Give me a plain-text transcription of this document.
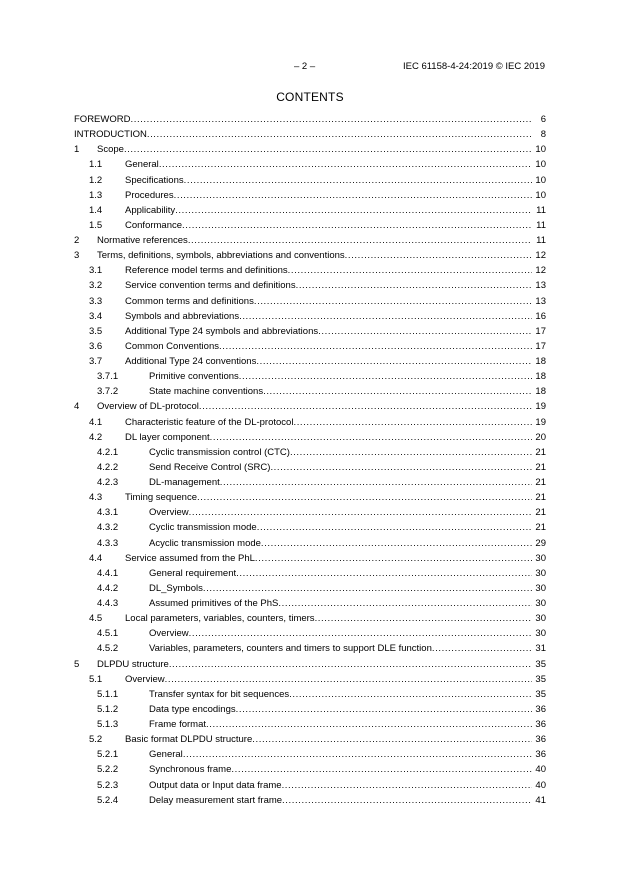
– 2 –	IEC 61158-4-24:2019 © IEC 2019
CONTENTS
FOREWORD .....	6
INTRODUCTION .....	8
1 Scope .....	10
1.1 General .....	10
1.2 Specifications .....	10
1.3 Procedures .....	10
1.4 Applicability .....	11
1.5 Conformance .....	11
2 Normative references .....	11
3 Terms, definitions, symbols, abbreviations and conventions .....	12
3.1 Reference model terms and definitions .....	12
3.2 Service convention terms and definitions .....	13
3.3 Common terms and definitions .....	13
3.4 Symbols and abbreviations .....	16
3.5 Additional Type 24 symbols and abbreviations .....	17
3.6 Common Conventions .....	17
3.7 Additional Type 24 conventions .....	18
3.7.1	Primitive conventions .....	18
3.7.2	State machine conventions .....	18
4 Overview of DL-protocol .....	19
4.1 Characteristic feature of the DL-protocol .....	19
4.2 DL layer component .....	20
4.2.1	Cyclic transmission control (CTC) .....	21
4.2.2	Send Receive Control (SRC) .....	21
4.2.3	DL-management .....	21
4.3 Timing sequence .....	21
4.3.1	Overview .....	21
4.3.2	Cyclic transmission mode .....	21
4.3.3	Acyclic transmission mode .....	29
4.4 Service assumed from the PhL .....	30
4.4.1	General requirement .....	30
4.4.2	DL_Symbols .....	30
4.4.3	Assumed primitives of the PhS .....	30
4.5 Local parameters, variables, counters, timers .....	30
4.5.1	Overview .....	30
4.5.2	Variables, parameters, counters and timers to support DLE function .....	31
5 DLPDU structure .....	35
5.1 Overview .....	35
5.1.1	Transfer syntax for bit sequences .....	35
5.1.2	Data type encodings .....	36
5.1.3	Frame format .....	36
5.2 Basic format DLPDU structure .....	36
5.2.1	General .....	36
5.2.2	Synchronous frame .....	40
5.2.3	Output data or Input data frame .....	40
5.2.4	Delay measurement start frame .....	41
